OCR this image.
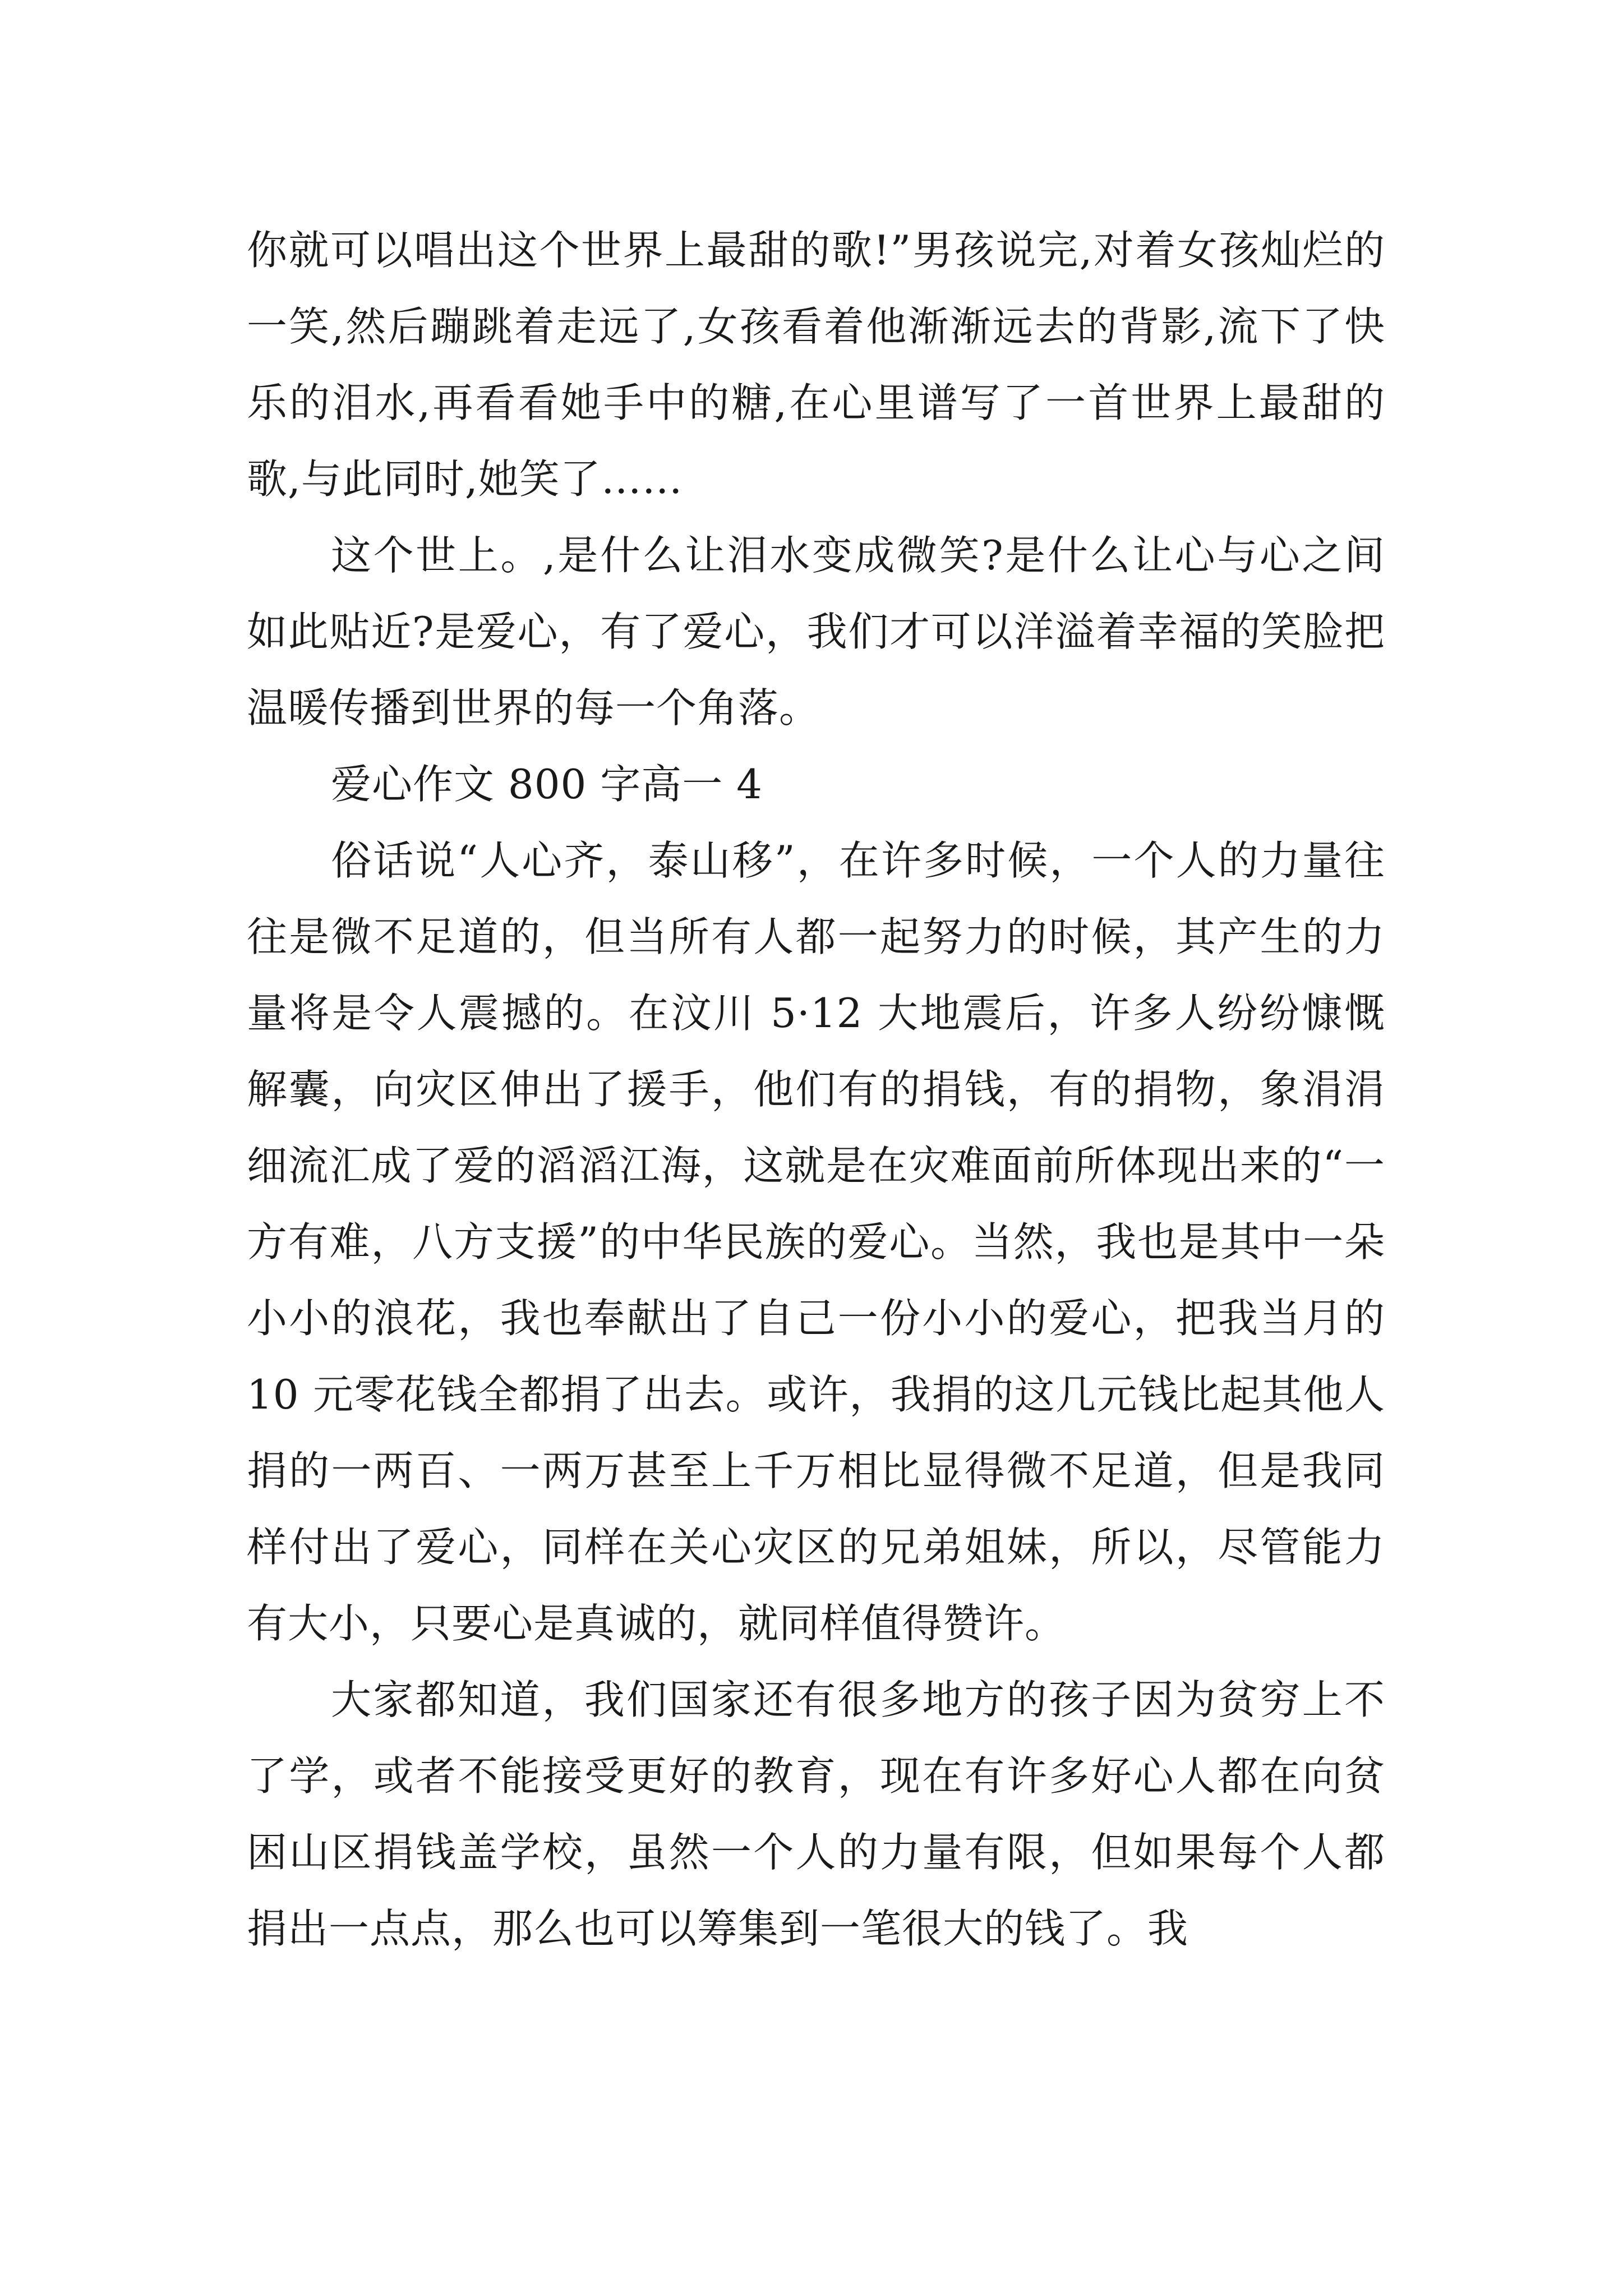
你就可以唱出这个世界上最甜的歌!”男孩说完,对着女孩灿烂的一笑,然后蹦跳着走远了,女孩看着他渐渐远去的背影,流下了快乐的泪水,再看看她手中的糖,在心里谱写了一首世界上最甜的歌,与此同时,她笑了……

这个世上。,是什么让泪水变成微笑?是什么让心与心之间如此贴近?是爱心，有了爱心，我们才可以洋溢着幸福的笑脸把温暖传播到世界的每一个角落。

爱心作文 800 字高一 4

俗话说“人心齐，泰山移”，在许多时候，一个人的力量往往是微不足道的，但当所有人都一起努力的时候，其产生的力量将是令人震撼的。在汶川 5·12 大地震后，许多人纷纷慷慨解囊，向灾区伸出了援手，他们有的捐钱，有的捐物，象涓涓细流汇成了爱的滔滔江海，这就是在灾难面前所体现出来的“一方有难，八方支援”的中华民族的爱心。当然，我也是其中一朵小小的浪花，我也奉献出了自己一份小小的爱心，把我当月的 10 元零花钱全都捐了出去。或许，我捐的这几元钱比起其他人捐的一两百、一两万甚至上千万相比显得微不足道，但是我同样付出了爱心，同样在关心灾区的兄弟姐妹，所以，尽管能力有大小，只要心是真诚的，就同样值得赞许。

大家都知道，我们国家还有很多地方的孩子因为贫穷上不了学，或者不能接受更好的教育，现在有许多好心人都在向贫困山区捐钱盖学校，虽然一个人的力量有限，但如果每个人都捐出一点点，那么也可以筹集到一笔很大的钱了。我
